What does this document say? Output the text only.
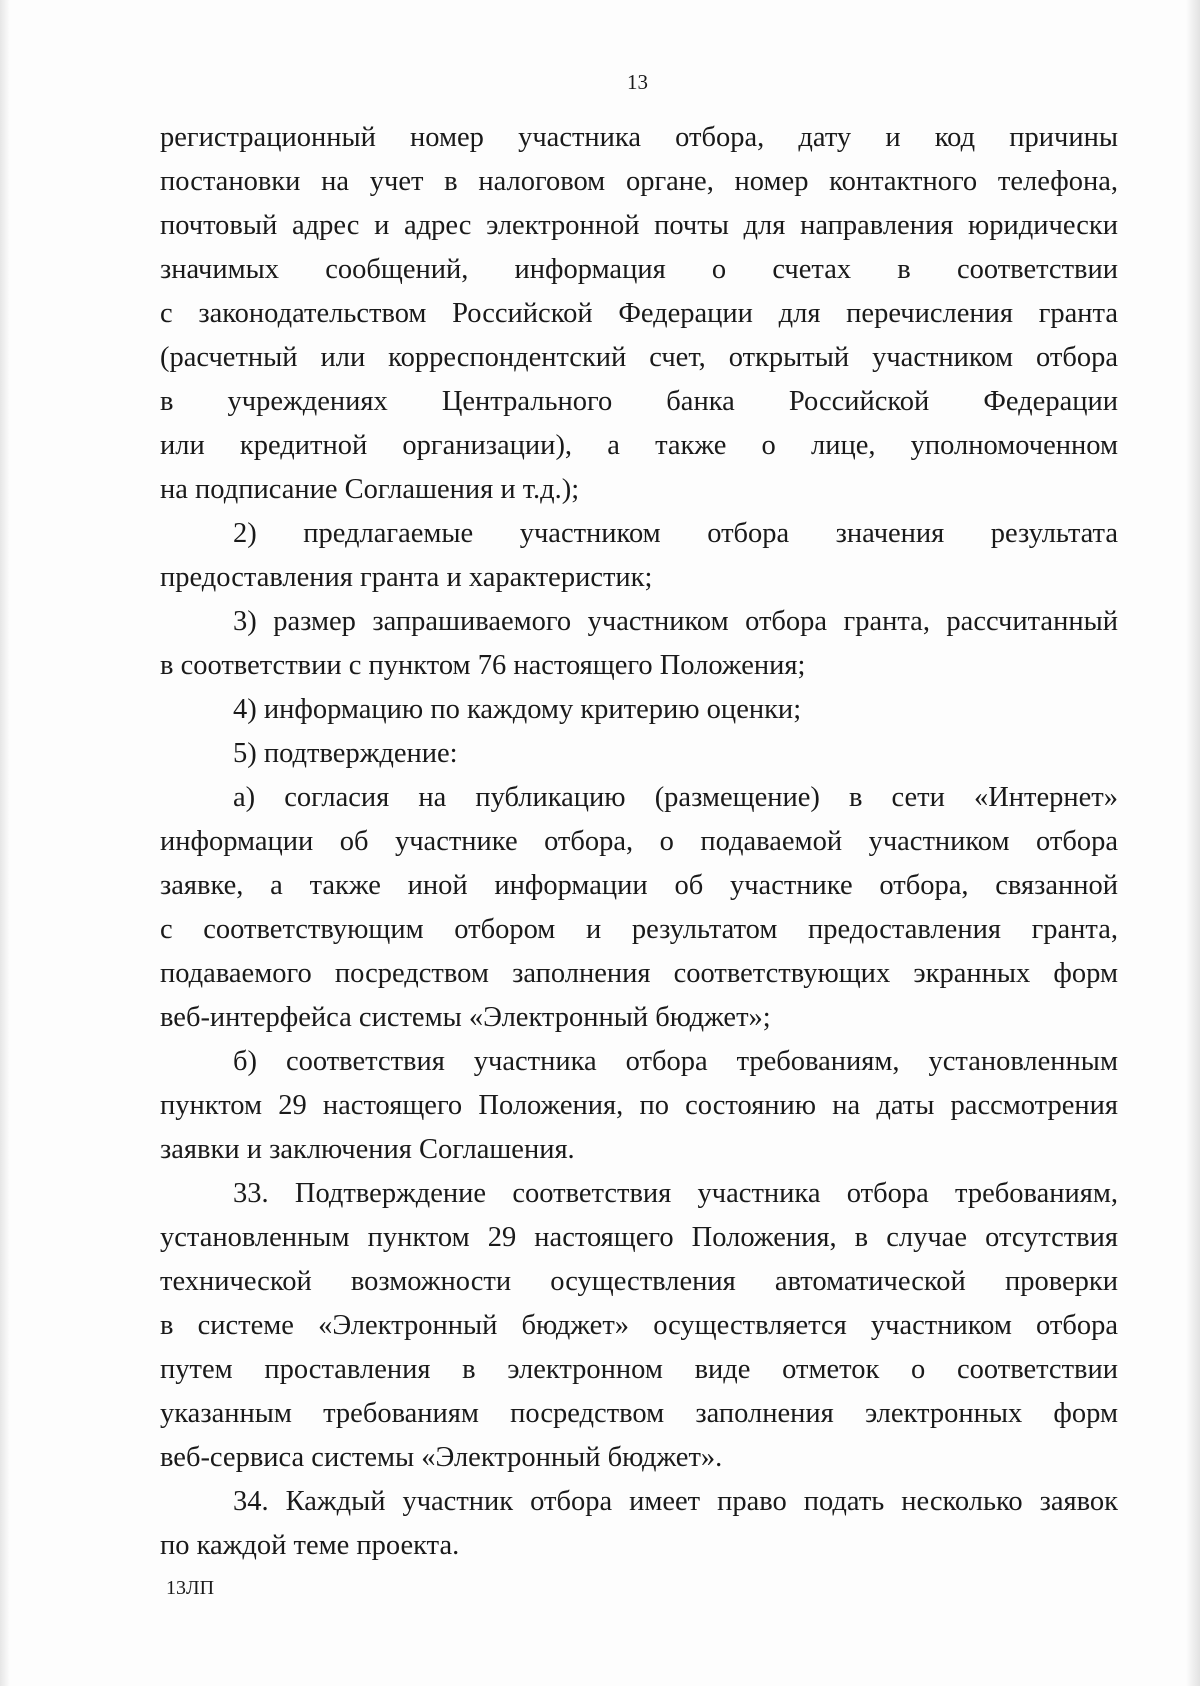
13
регистрационный номер участника отбора, дату и код причины
постановки на учет в налоговом органе, номер контактного телефона,
почтовый адрес и адрес электронной почты для направления юридически
значимых сообщений, информация о счетах в соответствии
с законодательством Российской Федерации для перечисления гранта
(расчетный или корреспондентский счет, открытый участником отбора
в учреждениях Центрального банка Российской Федерации
или кредитной организации), а также о лице, уполномоченном
на подписание Соглашения и т.д.);
2) предлагаемые участником отбора значения результата
предоставления гранта и характеристик;
3) размер запрашиваемого участником отбора гранта, рассчитанный
в соответствии с пунктом 76 настоящего Положения;
4) информацию по каждому критерию оценки;
5) подтверждение:
а) согласия на публикацию (размещение) в сети «Интернет»
информации об участнике отбора, о подаваемой участником отбора
заявке, а также иной информации об участнике отбора, связанной
с соответствующим отбором и результатом предоставления гранта,
подаваемого посредством заполнения соответствующих экранных форм
веб-интерфейса системы «Электронный бюджет»;
б) соответствия участника отбора требованиям, установленным
пунктом 29 настоящего Положения, по состоянию на даты рассмотрения
заявки и заключения Соглашения.
33. Подтверждение соответствия участника отбора требованиям,
установленным пунктом 29 настоящего Положения, в случае отсутствия
технической возможности осуществления автоматической проверки
в системе «Электронный бюджет» осуществляется участником отбора
путем проставления в электронном виде отметок о соответствии
указанным требованиям посредством заполнения электронных форм
веб-сервиса системы «Электронный бюджет».
34. Каждый участник отбора имеет право подать несколько заявок
по каждой теме проекта.
13ЛП
